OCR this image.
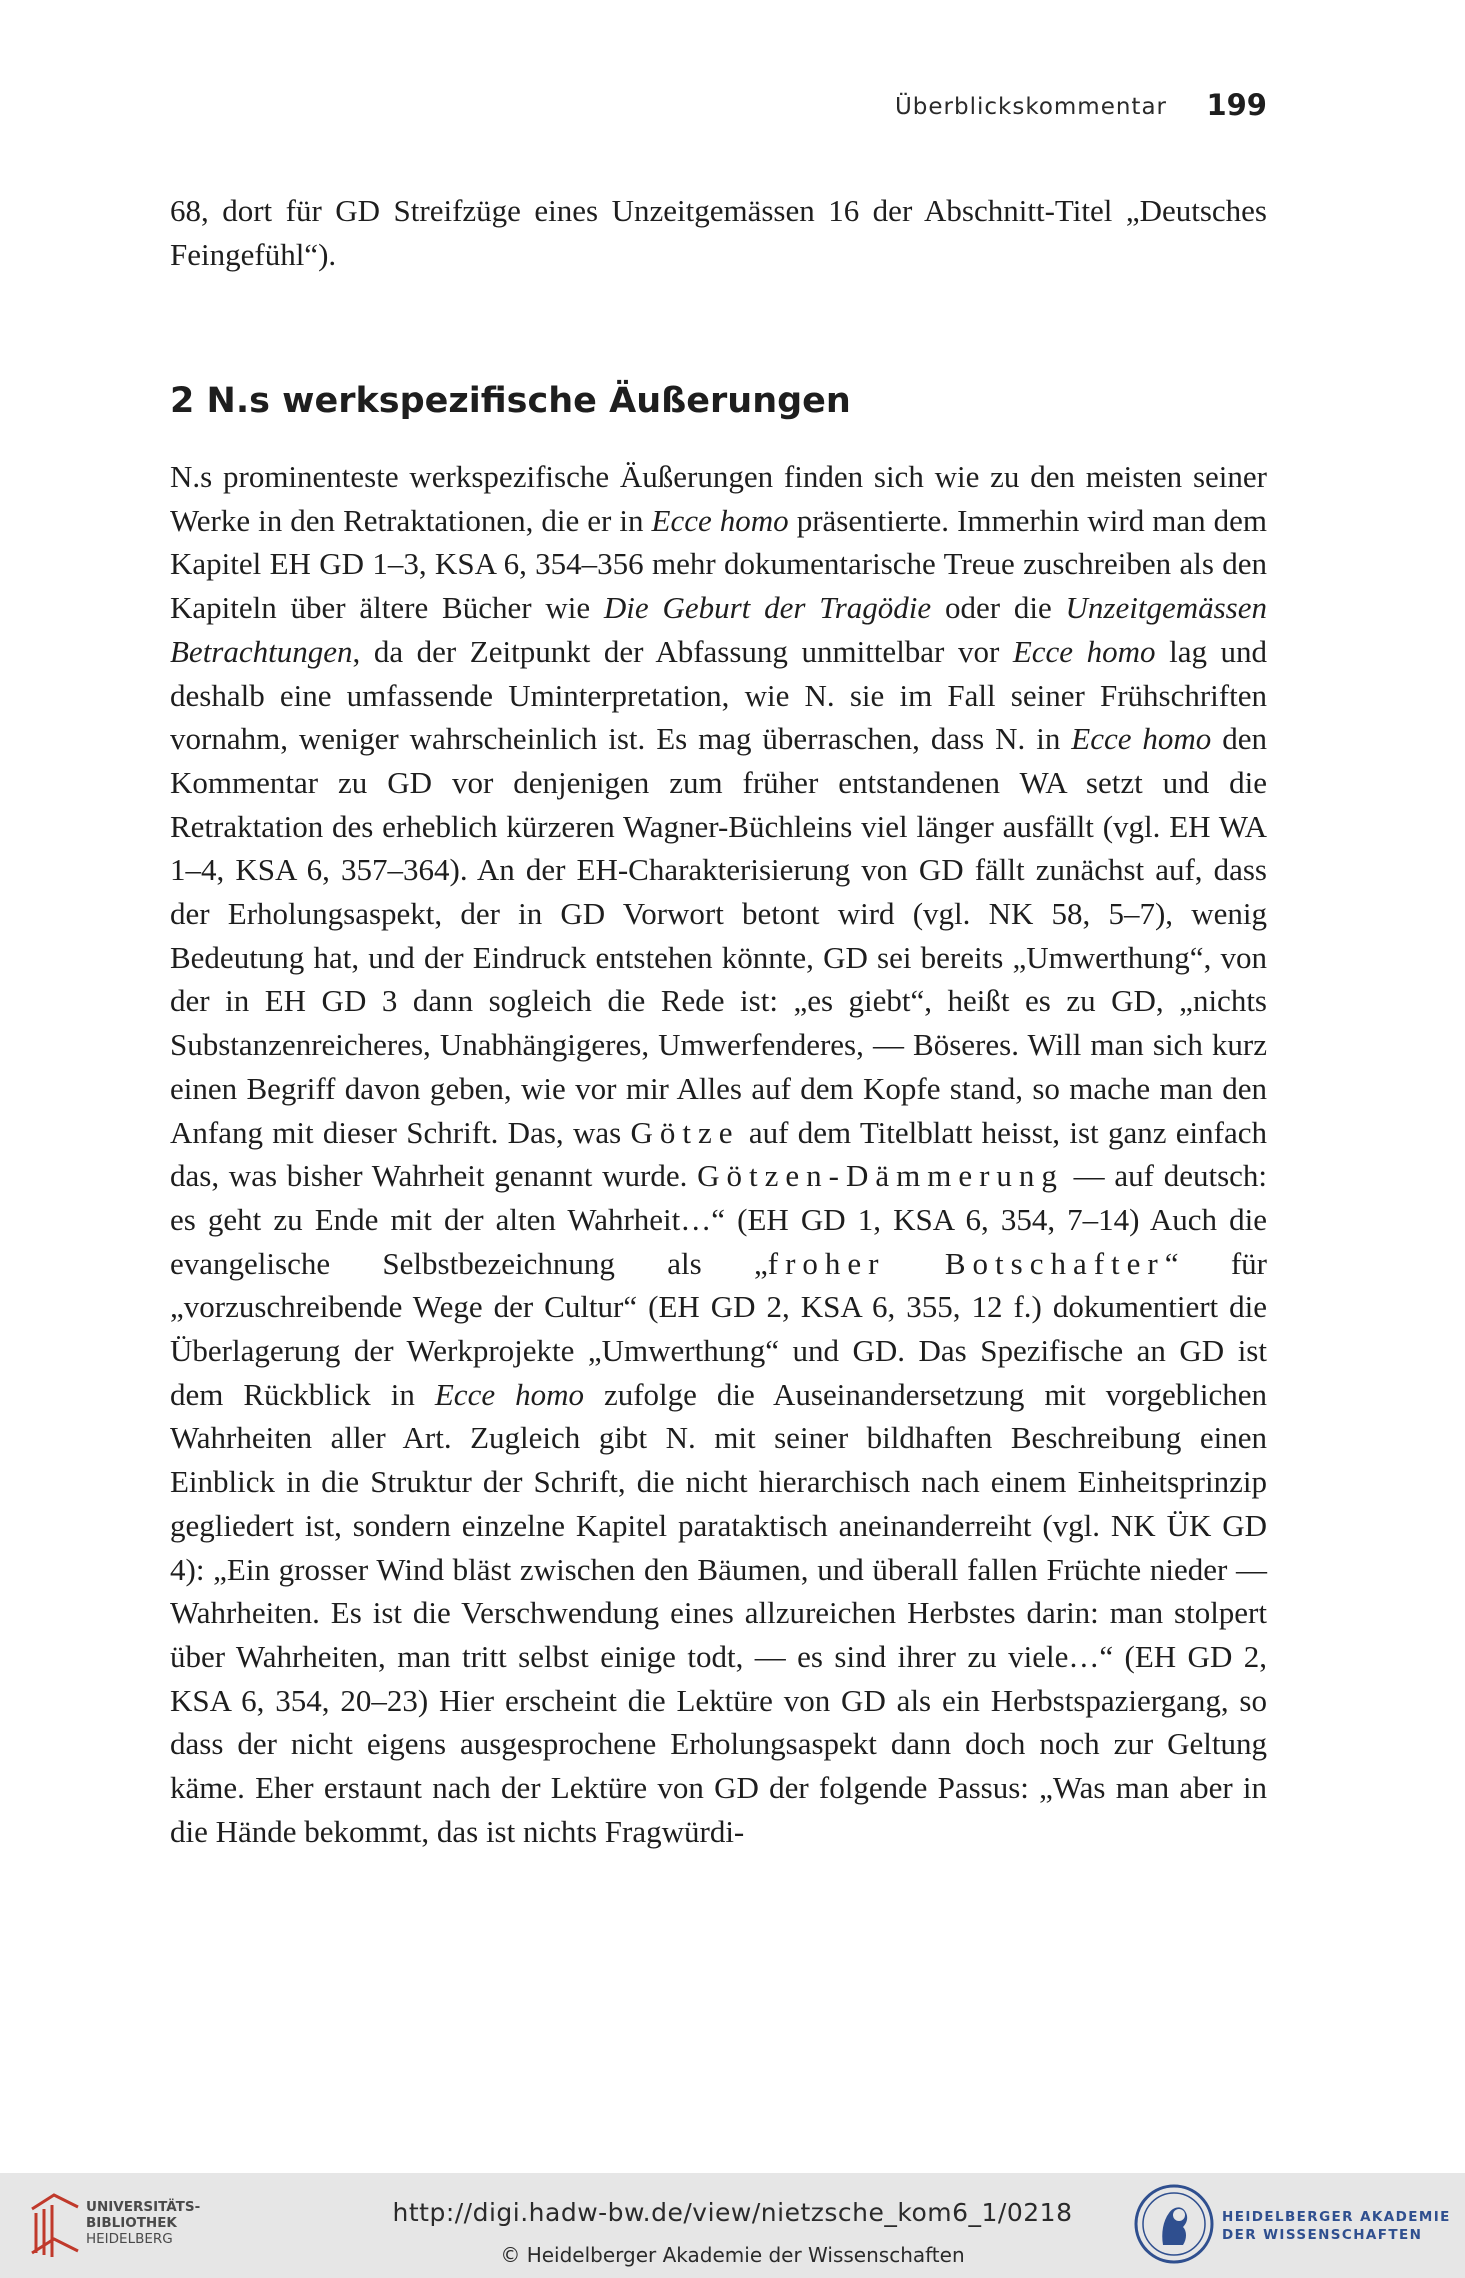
Überblickskommentar 199

68, dort für GD Streifzüge eines Unzeitgemässen 16 der Abschnitt-Titel „Deutsches Feingefühl“).

2 N.s werkspezifische Äußerungen

N.s prominenteste werkspezifische Äußerungen finden sich wie zu den meisten seiner Werke in den Retraktationen, die er in Ecce homo präsentierte. Immerhin wird man dem Kapitel EH GD 1–3, KSA 6, 354–356 mehr dokumentarische Treue zuschreiben als den Kapiteln über ältere Bücher wie Die Geburt der Tragödie oder die Unzeitgemässen Betrachtungen, da der Zeitpunkt der Abfassung unmittelbar vor Ecce homo lag und deshalb eine umfassende Uminterpretation, wie N. sie im Fall seiner Frühschriften vornahm, weniger wahrscheinlich ist. Es mag überraschen, dass N. in Ecce homo den Kommentar zu GD vor denjenigen zum früher entstandenen WA setzt und die Retraktation des erheblich kürzeren Wagner-Büchleins viel länger ausfällt (vgl. EH WA 1–4, KSA 6, 357–364). An der EH-Charakterisierung von GD fällt zunächst auf, dass der Erholungsaspekt, der in GD Vorwort betont wird (vgl. NK 58, 5–7), wenig Bedeutung hat, und der Eindruck entstehen könnte, GD sei bereits „Umwerthung“, von der in EH GD 3 dann sogleich die Rede ist: „es giebt“, heißt es zu GD, „nichts Substanzenreicheres, Unabhängigeres, Umwerfenderes, — Böseres. Will man sich kurz einen Begriff davon geben, wie vor mir Alles auf dem Kopfe stand, so mache man den Anfang mit dieser Schrift. Das, was Götze auf dem Titelblatt heisst, ist ganz einfach das, was bisher Wahrheit genannt wurde. Götzen-Dämmerung — auf deutsch: es geht zu Ende mit der alten Wahrheit…“ (EH GD 1, KSA 6, 354, 7–14) Auch die evangelische Selbstbezeichnung als „froher Botschafter“ für „vorzuschreibende Wege der Cultur“ (EH GD 2, KSA 6, 355, 12 f.) dokumentiert die Überlagerung der Werkprojekte „Umwerthung“ und GD. Das Spezifische an GD ist dem Rückblick in Ecce homo zufolge die Auseinandersetzung mit vorgeblichen Wahrheiten aller Art. Zugleich gibt N. mit seiner bildhaften Beschreibung einen Einblick in die Struktur der Schrift, die nicht hierarchisch nach einem Einheitsprinzip gegliedert ist, sondern einzelne Kapitel parataktisch aneinanderreiht (vgl. NK ÜK GD 4): „Ein grosser Wind bläst zwischen den Bäumen, und überall fallen Früchte nieder — Wahrheiten. Es ist die Verschwendung eines allzureichen Herbstes darin: man stolpert über Wahrheiten, man tritt selbst einige todt, — es sind ihrer zu viele…“ (EH GD 2, KSA 6, 354, 20–23) Hier erscheint die Lektüre von GD als ein Herbstspaziergang, so dass der nicht eigens ausgesprochene Erholungsaspekt dann doch noch zur Geltung käme. Eher erstaunt nach der Lektüre von GD der folgende Passus: „Was man aber in die Hände bekommt, das ist nichts Fragwürdi-

UNIVERSITÄTS-
BIBLIOTHEK
HEIDELBERG
http://digi.hadw-bw.de/view/nietzsche_kom6_1/0218
© Heidelberger Akademie der Wissenschaften
HEIDELBERGER AKADEMIE
DER WISSENSCHAFTEN
